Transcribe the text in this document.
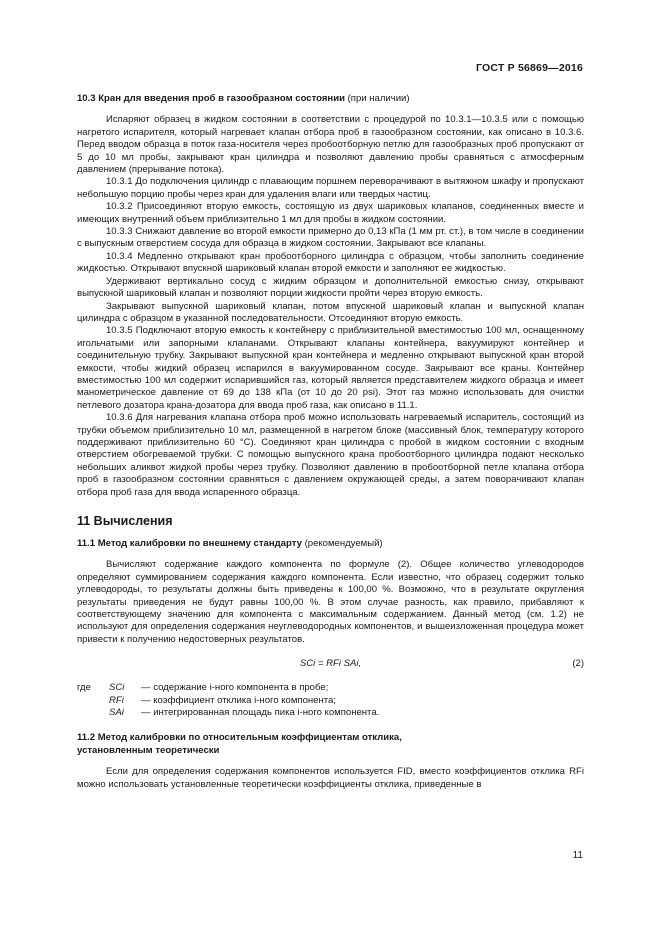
ГОСТ Р 56869—2016

10.3 Кран для введения проб в газообразном состоянии (при наличии)

Испаряют образец в жидком состоянии в соответствии с процедурой по 10.3.1—10.3.5 или с помощью нагретого испарителя, который нагревает клапан отбора проб в газообразном состоянии, как описано в 10.3.6. Перед вводом образца в поток газа-носителя через пробоотборную петлю для газообразных проб пропускают от 5 до 10 мл пробы, закрывают кран цилиндра и позволяют давлению пробы сравняться с атмосферным давлением (прерывание потока).

10.3.1 До подключения цилиндр с плавающим поршнем переворачивают в вытяжном шкафу и пропускают небольшую порцию пробы через кран для удаления влаги или твердых частиц.

10.3.2 Присоединяют вторую емкость, состоящую из двух шариковых клапанов, соединенных вместе и имеющих внутренний объем приблизительно 1 мл для пробы в жидком состоянии.

10.3.3 Снижают давление во второй емкости примерно до 0,13 кПа (1 мм рт. ст.), в том числе в соединении с выпускным отверстием сосуда для образца в жидком состоянии. Закрывают все клапаны.

10.3.4 Медленно открывают кран пробоотборного цилиндра с образцом, чтобы заполнить соединение жидкостью. Открывают впускной шариковый клапан второй емкости и заполняют ее жидкостью.

Удерживают вертикально сосуд с жидким образцом и дополнительной емкостью снизу, открывают выпускной шариковый клапан и позволяют порции жидкости пройти через вторую емкость.

Закрывают выпускной шариковый клапан, потом впускной шариковый клапан и выпускной клапан цилиндра с образцом в указанной последовательности. Отсоединяют вторую емкость.

10.3.5 Подключают вторую емкость к контейнеру с приблизительной вместимостью 100 мл, оснащенному игольчатыми или запорными клапанами. Открывают клапаны контейнера, вакуумируют контейнер и соединительную трубку. Закрывают выпускной кран контейнера и медленно открывают выпускной кран второй емкости, чтобы жидкий образец испарился в вакуумированном сосуде. Закрывают все краны. Контейнер вместимостью 100 мл содержит испарившийся газ, который является представителем жидкого образца и имеет манометрическое давление от 69 до 138 кПа (от 10 до 20 psi). Этот газ можно использовать для очистки петлевого дозатора крана-дозатора для ввода проб газа, как описано в 11.1.

10.3.6 Для нагревания клапана отбора проб можно использовать нагреваемый испаритель, состоящий из трубки объемом приблизительно 10 мл, размещенной в нагретом блоке (массивный блок, температуру которого поддерживают приблизительно 60 °С). Соединяют кран цилиндра с пробой в жидком состоянии с входным отверстием обогреваемой трубки. С помощью выпускного крана пробоотборного цилиндра подают несколько небольших аликвот жидкой пробы через трубку. Позволяют давлению в пробоотборной петле клапана отбора проб в газообразном состоянии сравняться с давлением окружающей среды, а затем поворачивают клапан отбора проб газа для ввода испаренного образца.

11 Вычисления

11.1 Метод калибровки по внешнему стандарту (рекомендуемый)

Вычисляют содержание каждого компонента по формуле (2). Общее количество углеводородов определяют суммированием содержания каждого компонента. Если известно, что образец содержит только углеводороды, то результаты должны быть приведены к 100,00 %. Возможно, что в результате округления результаты приведения не будут равны 100,00 %. В этом случае разность, как правило, прибавляют к соответствующему значению для компонента с максимальным содержанием. Данный метод (см. 1.2) не используют для определения содержания неуглеводородных компонентов, и вышеизложенная процедура может привести к получению недостоверных результатов.

SCi = RFi SAi,	(2)
где	SCi	— содержание i-ного компонента в пробе;
RFi	— коэффициент отклика i-ного компонента;
SAi	— интегрированная площадь пика i-ного компонента.
11.2 Метод калибровки по относительным коэффициентам отклика,
установленным теоретически

Если для определения содержания компонентов используется FID, вместо коэффициентов отклика RFi можно использовать установленные теоретически коэффициенты отклика, приведенные в

11
